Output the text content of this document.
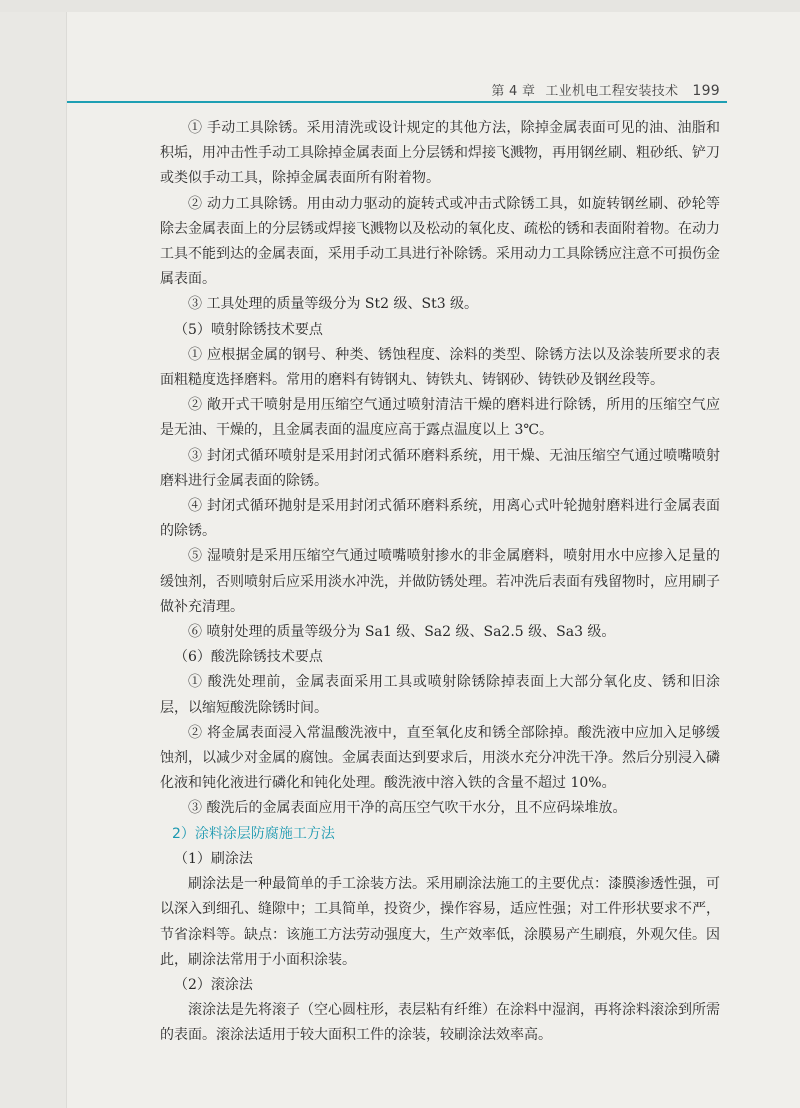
第 4 章 工业机电工程安装技术 199

① 手动工具除锈。采用清洗或设计规定的其他方法，除掉金属表面可见的油、油脂和积垢，用冲击性手动工具除掉金属表面上分层锈和焊接飞溅物，再用钢丝刷、粗砂纸、铲刀或类似手动工具，除掉金属表面所有附着物。

② 动力工具除锈。用由动力驱动的旋转式或冲击式除锈工具，如旋转钢丝刷、砂轮等除去金属表面上的分层锈或焊接飞溅物以及松动的氧化皮、疏松的锈和表面附着物。在动力工具不能到达的金属表面，采用手动工具进行补除锈。采用动力工具除锈应注意不可损伤金属表面。

③ 工具处理的质量等级分为 St2 级、St3 级。

（5）喷射除锈技术要点

① 应根据金属的钢号、种类、锈蚀程度、涂料的类型、除锈方法以及涂装所要求的表面粗糙度选择磨料。常用的磨料有铸钢丸、铸铁丸、铸钢砂、铸铁砂及钢丝段等。

② 敞开式干喷射是用压缩空气通过喷射清洁干燥的磨料进行除锈，所用的压缩空气应是无油、干燥的，且金属表面的温度应高于露点温度以上 3℃。

③ 封闭式循环喷射是采用封闭式循环磨料系统，用干燥、无油压缩空气通过喷嘴喷射磨料进行金属表面的除锈。

④ 封闭式循环抛射是采用封闭式循环磨料系统，用离心式叶轮抛射磨料进行金属表面的除锈。

⑤ 湿喷射是采用压缩空气通过喷嘴喷射掺水的非金属磨料，喷射用水中应掺入足量的缓蚀剂，否则喷射后应采用淡水冲洗，并做防锈处理。若冲洗后表面有残留物时，应用刷子做补充清理。

⑥ 喷射处理的质量等级分为 Sa1 级、Sa2 级、Sa2.5 级、Sa3 级。

（6）酸洗除锈技术要点

① 酸洗处理前，金属表面采用工具或喷射除锈除掉表面上大部分氧化皮、锈和旧涂层，以缩短酸洗除锈时间。

② 将金属表面浸入常温酸洗液中，直至氧化皮和锈全部除掉。酸洗液中应加入足够缓蚀剂，以减少对金属的腐蚀。金属表面达到要求后，用淡水充分冲洗干净。然后分别浸入磷化液和钝化液进行磷化和钝化处理。酸洗液中溶入铁的含量不超过 10%。

③ 酸洗后的金属表面应用干净的高压空气吹干水分，且不应码垛堆放。

2）涂料涂层防腐施工方法

（1）刷涂法

刷涂法是一种最简单的手工涂装方法。采用刷涂法施工的主要优点：漆膜渗透性强，可以深入到细孔、缝隙中；工具简单，投资少，操作容易，适应性强；对工件形状要求不严，节省涂料等。缺点：该施工方法劳动强度大，生产效率低，涂膜易产生刷痕，外观欠佳。因此，刷涂法常用于小面积涂装。

（2）滚涂法

滚涂法是先将滚子（空心圆柱形，表层粘有纤维）在涂料中湿润，再将涂料滚涂到所需的表面。滚涂法适用于较大面积工件的涂装，较刷涂法效率高。
